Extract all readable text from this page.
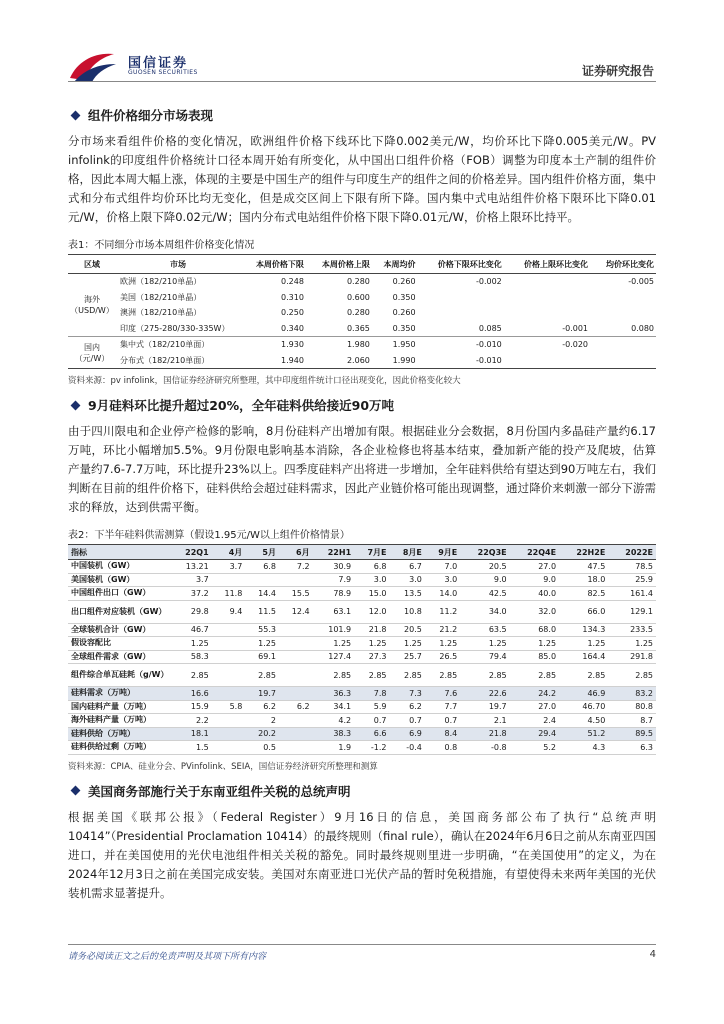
国信证券
GUOSEN SECURITIES	证券研究报告
组件价格细分市场表现

分市场来看组件价格的变化情况，欧洲组件价格下线环比下降0.002美元/W，均价环比下降0.005美元/W。PV infolink的印度组件价格统计口径本周开始有所变化，从中国出口组件价格（FOB）调整为印度本土产制的组件价格，因此本周大幅上涨，体现的主要是中国生产的组件与印度生产的组件之间的价格差异。国内组件价格方面，集中式和分布式组件均价环比均无变化，但是成交区间上下限有所下降。国内集中式电站组件价格下限环比下降0.01元/W，价格上限下降0.02元/W；国内分布式电站组件价格下限下降0.01元/W，价格上限环比持平。

表1：不同细分市场本周组件价格变化情况
区域	市场	本周价格下限	本周价格上限	本周均价	价格下限环比变化	价格上限环比变化	均价环比变化
海外（USD/W）	欧洲（182/210单晶）	0.248	0.280	0.260	-0.002		-0.005
	美国（182/210单晶）	0.310	0.600	0.350			
	澳洲（182/210单晶）	0.250	0.280	0.260			
	印度（275-280/330-335W）	0.340	0.365	0.350	0.085	-0.001	0.080
国内（元/W）	集中式（182/210单面）	1.930	1.980	1.950	-0.010	-0.020	
	分布式（182/210单面）	1.940	2.060	1.990	-0.010		
资料来源：pv infolink，国信证券经济研究所整理，其中印度组件统计口径出现变化，因此价格变化较大
9月硅料环比提升超过20%，全年硅料供给接近90万吨

由于四川限电和企业停产检修的影响，8月份硅料产出增加有限。根据硅业分会数据，8月份国内多晶硅产量约6.17万吨，环比小幅增加5.5%。9月份限电影响基本消除，各企业检修也将基本结束，叠加新产能的投产及爬坡，估算产量约7.6-7.7万吨，环比提升23%以上。四季度硅料产出将进一步增加，全年硅料供给有望达到90万吨左右，我们判断在目前的组件价格下，硅料供给会超过硅料需求，因此产业链价格可能出现调整，通过降价来刺激一部分下游需求的释放，达到供需平衡。

表2：下半年硅料供需测算（假设1.95元/W以上组件价格情景）
指标	22Q1	4月	5月	6月	22H1	7月E	8月E	9月E	22Q3E	22Q4E	22H2E	2022E
中国装机（GW）	13.21	3.7	6.8	7.2	30.9	6.8	6.7	7.0	20.5	27.0	47.5	78.5
美国装机（GW）	3.7				7.9	3.0	3.0	3.0	9.0	9.0	18.0	25.9
中国组件出口（GW）	37.2	11.8	14.4	15.5	78.9	15.0	13.5	14.0	42.5	40.0	82.5	161.4
出口组件对应装机（GW）	29.8	9.4	11.5	12.4	63.1	12.0	10.8	11.2	34.0	32.0	66.0	129.1
全球装机合计（GW）	46.7		55.3		101.9	21.8	20.5	21.2	63.5	68.0	134.3	233.5
假设容配比	1.25		1.25		1.25	1.25	1.25	1.25	1.25	1.25	1.25	1.25
全球组件需求（GW）	58.3		69.1		127.4	27.3	25.7	26.5	79.4	85.0	164.4	291.8
组件综合单瓦硅耗（g/W）	2.85		2.85		2.85	2.85	2.85	2.85	2.85	2.85	2.85	2.85
硅料需求（万吨）	16.6		19.7		36.3	7.8	7.3	7.6	22.6	24.2	46.9	83.2
国内硅料产量（万吨）	15.9	5.8	6.2	6.2	34.1	5.9	6.2	7.7	19.7	27.0	46.70	80.8
海外硅料产量（万吨）	2.2		2		4.2	0.7	0.7	0.7	2.1	2.4	4.50	8.7
硅料供给（万吨）	18.1		20.2		38.3	6.6	6.9	8.4	21.8	29.4	51.2	89.5
硅料供给过剩（万吨）	1.5		0.5		1.9	-1.2	-0.4	0.8	-0.8	5.2	4.3	6.3
资料来源：CPIA、硅业分会、PVinfolink、SEIA，国信证券经济研究所整理和测算
美国商务部施行关于东南亚组件关税的总统声明

根据美国《联邦公报》（Federal Register）9月16日的信息，美国商务部公布了执行“总统声明10414”（Presidential Proclamation 10414）的最终规则（final rule），确认在2024年6月6日之前从东南亚四国进口，并在美国使用的光伏电池组件相关关税的豁免。同时最终规则里进一步明确，“在美国使用”的定义，为在2024年12月3日之前在美国完成安装。美国对东南亚进口光伏产品的暂时免税措施，有望使得未来两年美国的光伏装机需求显著提升。

请务必阅读正文之后的免责声明及其项下所有内容	4
